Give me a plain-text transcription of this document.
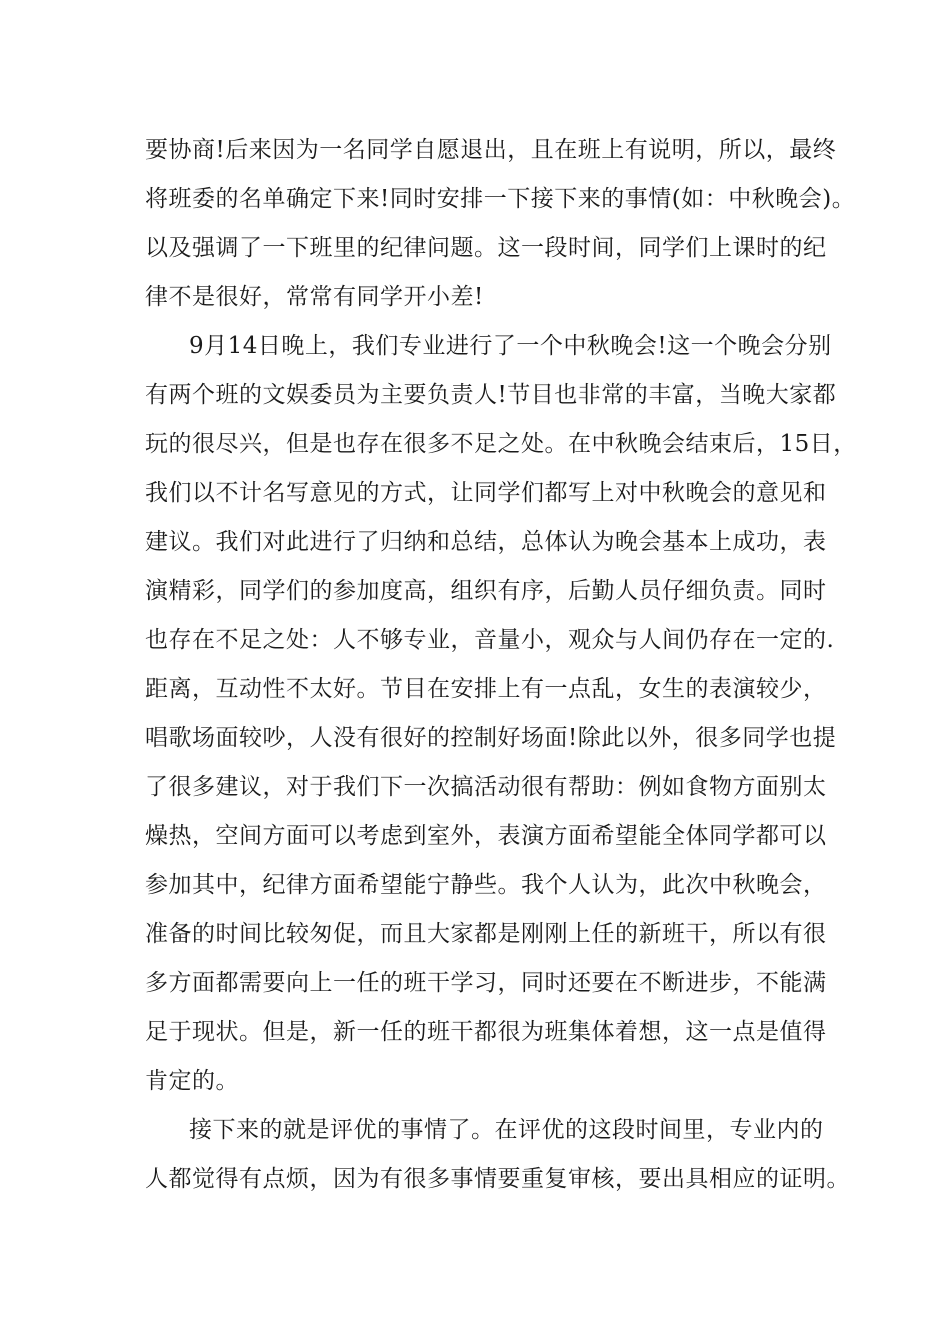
要协商!后来因为一名同学自愿退出，且在班上有说明，所以，最终
将班委的名单确定下来!同时安排一下接下来的事情(如：中秋晚会)。
以及强调了一下班里的纪律问题。这一段时间，同学们上课时的纪
律不是很好，常常有同学开小差!
9月14日晚上，我们专业进行了一个中秋晚会!这一个晚会分别
有两个班的文娱委员为主要负责人!节目也非常的丰富，当晚大家都
玩的很尽兴，但是也存在很多不足之处。在中秋晚会结束后，15日，
我们以不计名写意见的方式，让同学们都写上对中秋晚会的意见和
建议。我们对此进行了归纳和总结，总体认为晚会基本上成功，表
演精彩，同学们的参加度高，组织有序，后勤人员仔细负责。同时
也存在不足之处：人不够专业，音量小，观众与人间仍存在一定的.
距离，互动性不太好。节目在安排上有一点乱，女生的表演较少，
唱歌场面较吵，人没有很好的控制好场面!除此以外，很多同学也提
了很多建议，对于我们下一次搞活动很有帮助：例如食物方面别太
燥热，空间方面可以考虑到室外，表演方面希望能全体同学都可以
参加其中，纪律方面希望能宁静些。我个人认为，此次中秋晚会，
准备的时间比较匆促，而且大家都是刚刚上任的新班干，所以有很
多方面都需要向上一任的班干学习，同时还要在不断进步，不能满
足于现状。但是，新一任的班干都很为班集体着想，这一点是值得
肯定的。
接下来的就是评优的事情了。在评优的这段时间里，专业内的
人都觉得有点烦，因为有很多事情要重复审核，要出具相应的证明。
